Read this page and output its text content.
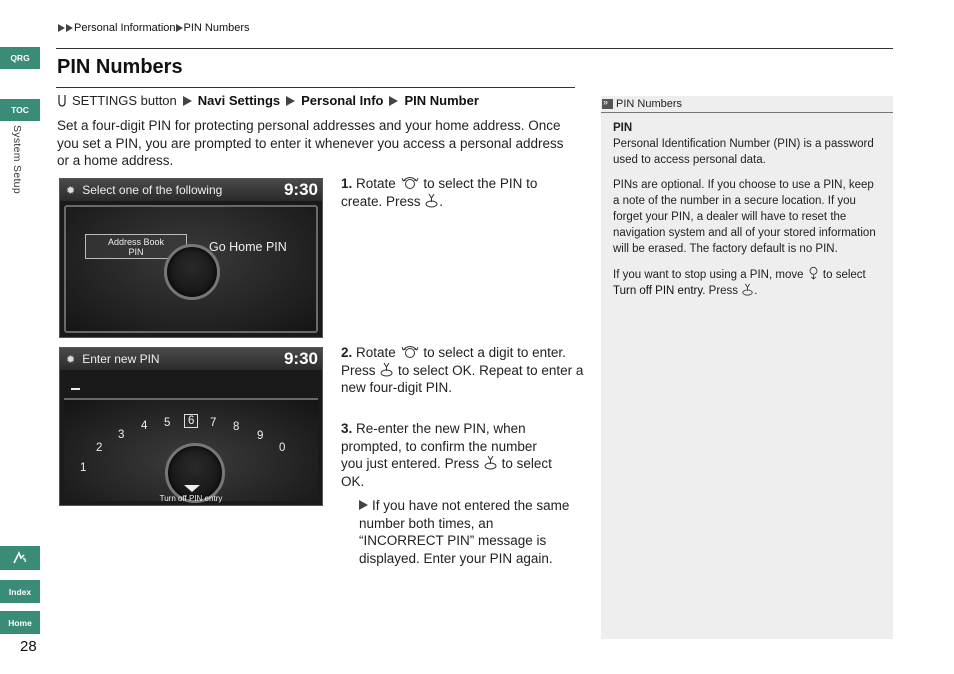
QRG
TOC
System Setup
Index
Home
28
Personal Information PIN Numbers
PIN Numbers
SETTINGS button Navi Settings Personal Info PIN Number

Set a four-digit PIN for protecting personal addresses and your home address. Once you set a PIN, you are prompted to enter it whenever you access a personal address or a home address.

✹ Select one of the following	9:30
Address Book
PIN	Go Home PIN
✹ Enter new PIN	9:30
1
2
3
4 5	6	7 8
9
0
Turn off PIN entry
1. Rotate to select the PIN to create. Press .
2. Rotate to select a digit to enter. Press to select OK. Repeat to enter a new four-digit PIN.
3. Re-enter the new PIN, when prompted, to confirm the number you just entered. Press to select OK.
If you have not entered the same number both times, an “INCORRECT PIN” message is displayed. Enter your PIN again.
»
PIN Numbers
PIN

Personal Identification Number (PIN) is a password used to access personal data.

PINs are optional. If you choose to use a PIN, keep a note of the number in a secure location. If you forget your PIN, a dealer will have to reset the navigation system and all of your stored information will be erased. The factory default is no PIN.

If you want to stop using a PIN, move to select Turn off PIN entry. Press .
